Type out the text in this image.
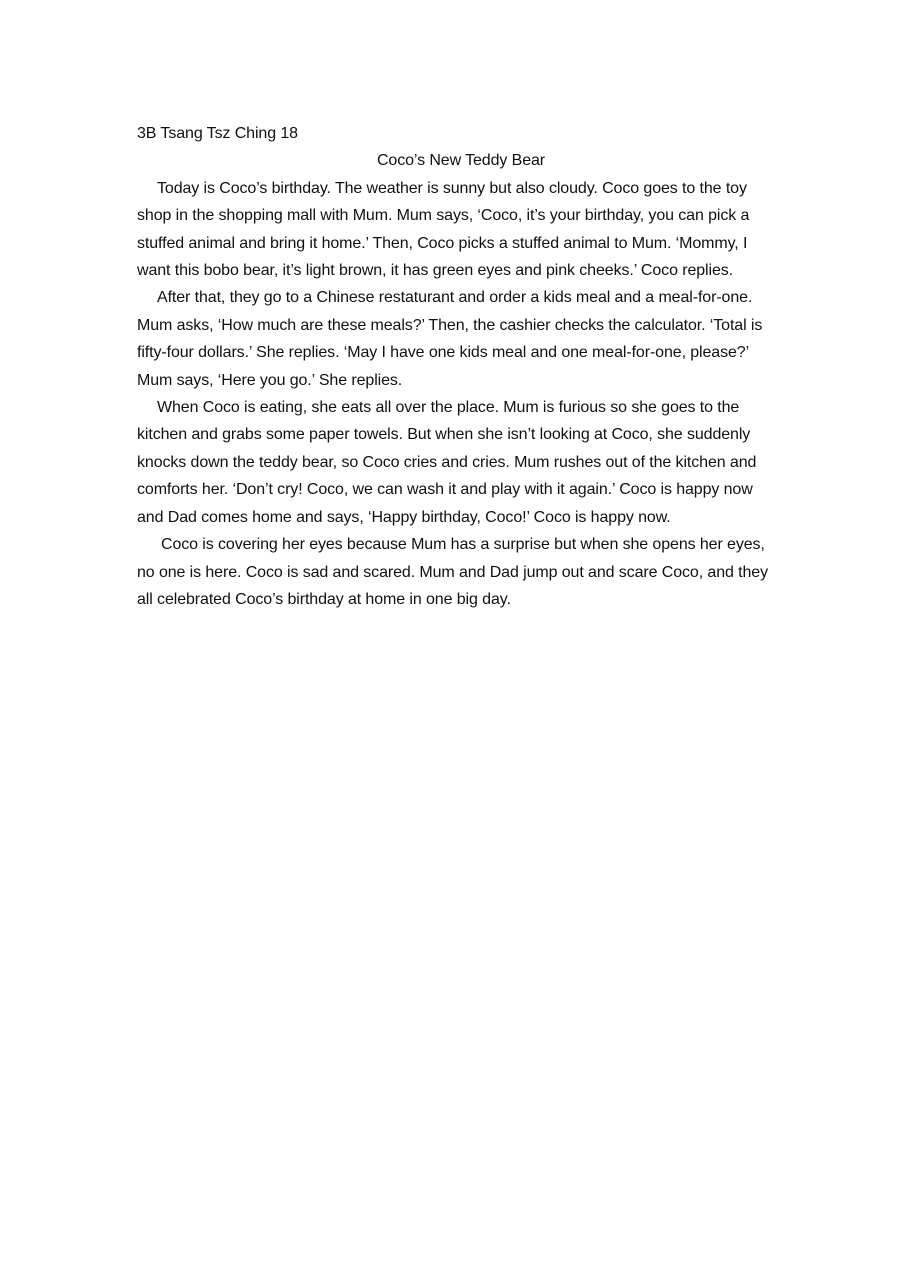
3B Tsang Tsz Ching 18

Coco’s New Teddy Bear

Today is Coco’s birthday. The weather is sunny but also cloudy. Coco goes to the toy shop in the shopping mall with Mum. Mum says, ‘Coco, it’s your birthday, you can pick a stuffed animal and bring it home.’ Then, Coco picks a stuffed animal to Mum. ‘Mommy, I want this bobo bear, it’s light brown, it has green eyes and pink cheeks.’ Coco replies.

After that, they go to a Chinese restaturant and order a kids meal and a meal-for-one. Mum asks, ‘How much are these meals?’ Then, the cashier checks the calculator. ‘Total is fifty-four dollars.’ She replies. ‘May I have one kids meal and one meal-for-one, please?’ Mum says, ‘Here you go.’ She replies.

When Coco is eating, she eats all over the place. Mum is furious so she goes to the kitchen and grabs some paper towels. But when she isn’t looking at Coco, she suddenly knocks down the teddy bear, so Coco cries and cries. Mum rushes out of the kitchen and comforts her. ‘Don’t cry! Coco, we can wash it and play with it again.’ Coco is happy now and Dad comes home and says, ‘Happy birthday, Coco!’ Coco is happy now.

Coco is covering her eyes because Mum has a surprise but when she opens her eyes, no one is here. Coco is sad and scared. Mum and Dad jump out and scare Coco, and they all celebrated Coco’s birthday at home in one big day.
